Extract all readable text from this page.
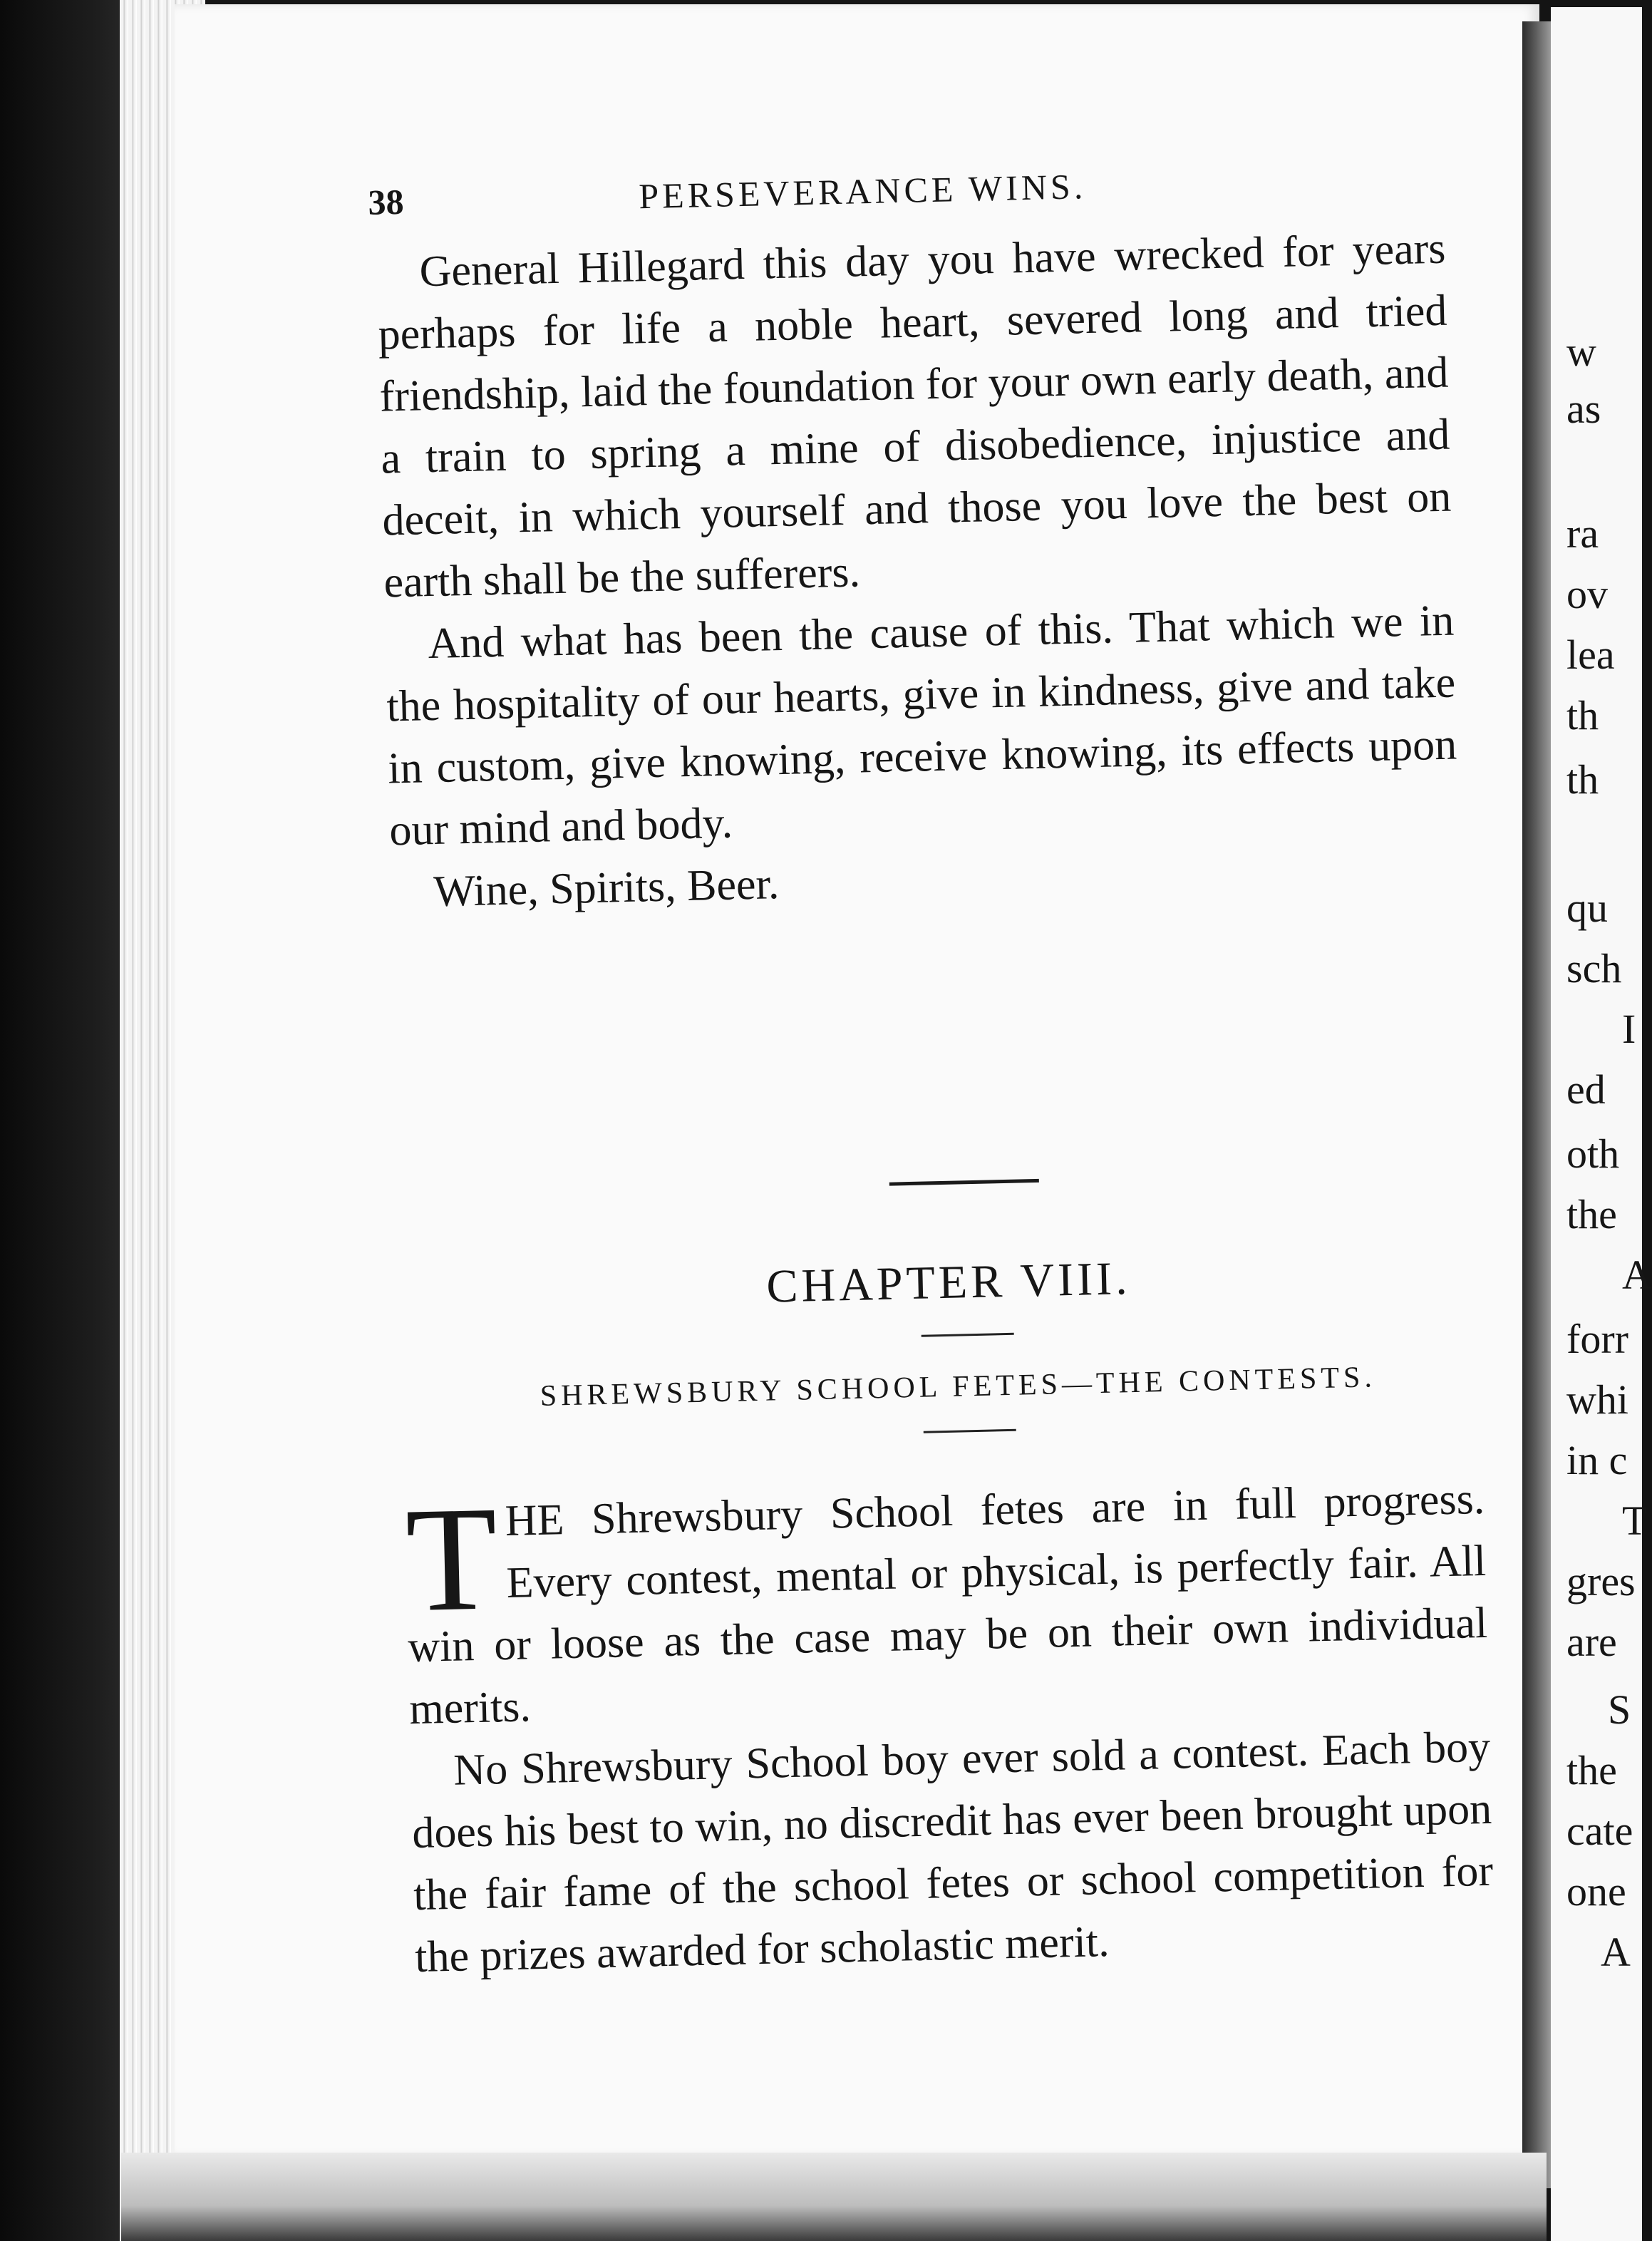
w
as
ra
ov
lea
th
th
qu
sch
I
ed
oth
the
A
forr
whi
in c
T
gres
are
S
the
cate
one
A
38	PERSEVERANCE WINS.

General Hillegard this day you have wrecked for years perhaps for life a noble heart, severed long and tried friendship, laid the foundation for your own early death, and a train to spring a mine of disobedience, injustice and deceit, in which yourself and those you love the best on earth shall be the sufferers.

And what has been the cause of this. That which we in the hospitality of our hearts, give in kindness, give and take in custom, give knowing, receive knowing, its effects upon our mind and body.

Wine, Spirits, Beer.

CHAPTER VIII.
SHREWSBURY SCHOOL FETES—THE CONTESTS.

THE Shrewsbury School fetes are in full progress. Every contest, mental or physical, is perfectly fair. All win or loose as the case may be on their own individual merits.

No Shrewsbury School boy ever sold a contest. Each boy does his best to win, no discredit has ever been brought upon the fair fame of the school fetes or school competition for the prizes awarded for scholastic merit.
